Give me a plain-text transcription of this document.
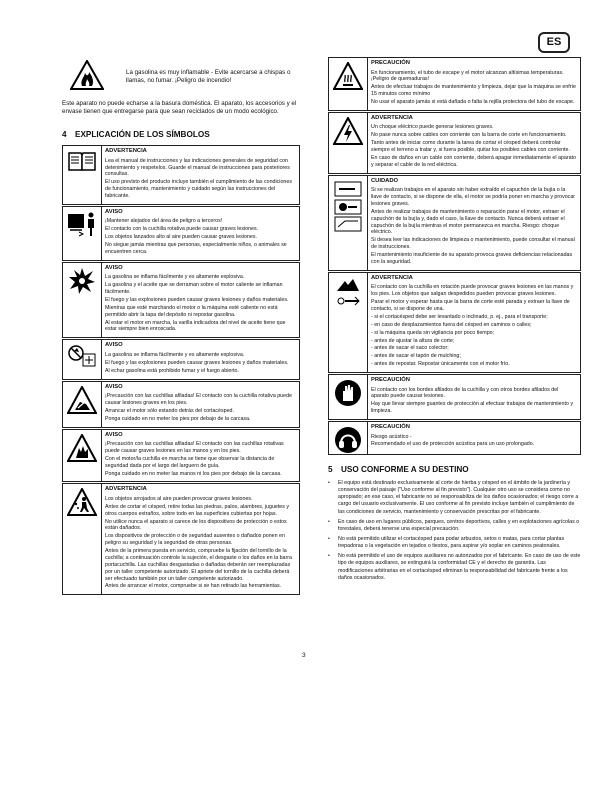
ES
La gasolina es muy inflamable - Evite acercarse a chispas o llamas, no fumar. ¡Peligro de incendio!

Este aparato no puede echarse a la basura doméstica. El aparato, los accesorios y el envase tienen que entregarse para que sean reciclados de un modo ecológico.

4 EXPLICACIÓN DE LOS SÍMBOLOS
ADVERTENCIA

Lea el manual de instrucciones y las indicaciones generales de seguridad con detenimiento y respetelos. Guarde el manual de instrucciones para posteriores consultas.

El uso previsto del producto incluye también el cumplimiento de las condiciones de funcionamiento, mantenimiento y cuidado según las instrucciones del fabricante.

AVISO

¡Mantener alejados del área de peligro a terceros!

El contacto con la cuchilla rotativa puede causar graves lesiones.

Los objetos lanzados alto al aire pueden causar graves lesiones.

No siegue jamás mientras que personas, especialmente niños, o animales se encuentren cerca.

AVISO

La gasolina se inflama fácilmente y es altamente explosiva.

La gasolina y el aceite que se derraman sobre el motor caliente se inflaman fácilmente.

El fuego y las explosiones pueden causar graves lesiones y daños materiales.

Mientras que esté marchando el motor o la máquina esté caliente no está permitido abrir la tapa del depósito ni repostar gasolina.

Al estar el motor en marcha, la varilla indicadora del nivel de aceite tiene que estar siempre bien enroscada.

AVISO

La gasolina se inflama fácilmente y es altamente explosiva.

El fuego y las explosiones pueden causar graves lesiones y daños materiales.

Al echar gasolina está prohibido fumar y el fuego abierto.

AVISO

¡Precaución con las cuchillas afiladas! El contacto con la cuchilla rotativa puede causar lesiones graves en los pies.

Arrancar el motor sólo estando detrás del cortacésped.

Ponga cuidado en no meter los pies por debajo de la carcasa.

AVISO

¡Precaución con las cuchillas afiladas! El contacto con las cuchillas rotativas puede causar graves lesiones en las manos y en los pies.

Con el motor/la cuchilla en marcha se tiene que observar la distancia de seguridad dada por el largo del larguero de guía.

Ponga cuidado en no meter las manos ni los pies por debajo de la carcasa.

ADVERTENCIA

Los objetos arrojados al aire pueden provocar graves lesiones.

Antes de cortar el césped, retire todas las piedras, palos, alambres, juguetes y otros cuerpos extraños, sobre todo en las superficies cubiertas por hojas.

No utilice nunca el aparato si carece de los dispositivos de protección o estos están dañados.

Los dispositivos de protección o de seguridad ausentes o dañados ponen en peligro su seguridad y la seguridad de otras personas.

Antes de la primera puesta en servicio, compruebe la fijación del tornillo de la cuchilla; a continuación controle la sujeción, el desgaste o los daños en la barra portacuchilla. Las cuchillas desgastadas o dañadas deberán ser reemplazadas por un taller competente autorizado. El apriete del tornillo de la cuchilla deberá ser efectuado también por un taller competente autorizado.

Antes de arrancar el motor, compruebe si se han retirado las herramientas.

PRECAUCIÓN

En funcionamiento, el tubo de escape y el motor alcanzan altísimas temperaturas. ¡Peligro de quemaduras!

Antes de efectuar trabajos de mantenimiento y limpieza, dejar que la máquina se enfríe 15 minutos como mínimo

No usar el aparato jamás si está dañada o falta la rejilla protectora del tubo de escape.

ADVERTENCIA

Un choque eléctrico puede generar lesiones graves.

No pase nunca sobre cables con corriente con la barra de corte en funcionamiento.

Tanto antes de iniciar como durante la tarea de cortar el césped deberá controlar siempre el terreno a tratar y, si fuera posible, quitar los posibles cables con corriente.

En caso de daños en un cable con corriente, deberá apagar inmediatamente el aparato y separar el cable de la red eléctrica.

CUIDADO

Si se realizan trabajos en el aparato sin haber extraído el capuchón de la bujía o la llave de contacto, si se dispone de ella, el motor se podría poner en marcha y provocar lesiones graves.

Antes de realizar trabajos de mantenimiento o reparación parar el motor, extraer el capuchón de la bujía y, dado el caso, la llave de contacto. Nunca deberá extraer el capuchón de la bujía mientras el motor permanezca en marcha. Riesgo: choque eléctrico.

Si desea leer las indicaciones de limpieza o mantenimiento, puede consultar el manual de instrucciones.

El mantenimiento insuficiente de su aparato provoca graves deficiencias relacionadas con la seguridad.

ADVERTENCIA

El contacto con la cuchilla en rotación puede provocar graves lesiones en las manos y los pies. Los objetos que salgan despedidos pueden provocar graves lesiones.

Parar el motor y esperar hasta que la barra de corte esté parada y extraer la llave de contacto, si se dispone de una.

- si el cortacésped debe ser levantado o inclinado, p. ej., para el transporte;

- en caso de desplazamientos fuera del césped en caminos o calles;

- si la máquina queda sin vigilancia por poco tiempo;

- antes de ajustar la altura de corte;

- antes de sacar el saco colector;

- antes de sacar el tapón de mulching;

- antes de repostar. Repostar únicamente con el motor frío.

PRECAUCIÓN

El contacto con los bordes afilados de la cuchilla y con otros bordes afilados del aparato puede causar lesiones.

Hay que llevar siempre guantes de protección al efectuar trabajos de mantenimiento y limpieza.

PRECAUCIÓN

Riesgo acústico -

Recomendado el uso de protección acústica para un uso prolongado.

5 USO CONFORME A SU DESTINO
• El equipo está destinado exclusivamente al corte de hierba y césped en el ámbito de la jardinería y conservación del paisaje ("Uso conforme al fin previsto"). Cualquier otro uso se considera como no apropiado; en ese caso, el fabricante no se responsabiliza de los daños ocasionados; el riesgo corre a cargo del usuario exclusivamente. El uso conforme al fin previsto incluye también el cumplimiento de las condiciones de servicio, mantenimiento y conservación prescritas por el fabricante.
• En caso de uso en lugares públicos, parques, centros deportivos, calles y en explotaciones agrícolas o forestales, deberá tenerse una especial precaución.
• No está permitido utilizar el cortacésped para podar arbustos, setos o matas, para cortar plantas trepadoras o la vegetación en tejados o tiestos, para aspirar y/o soplar en caminos peatonales.
• No está permitido el uso de equipos auxiliares no autorizados por el fabricante. En caso de uso de este tipo de equipos auxiliares, se extinguirá la conformidad CE y el derecho de garantía. Las modificaciones arbitrarias en el cortacésped eliminan la responsabilidad del fabricante frente a los daños ocasionados.
3
